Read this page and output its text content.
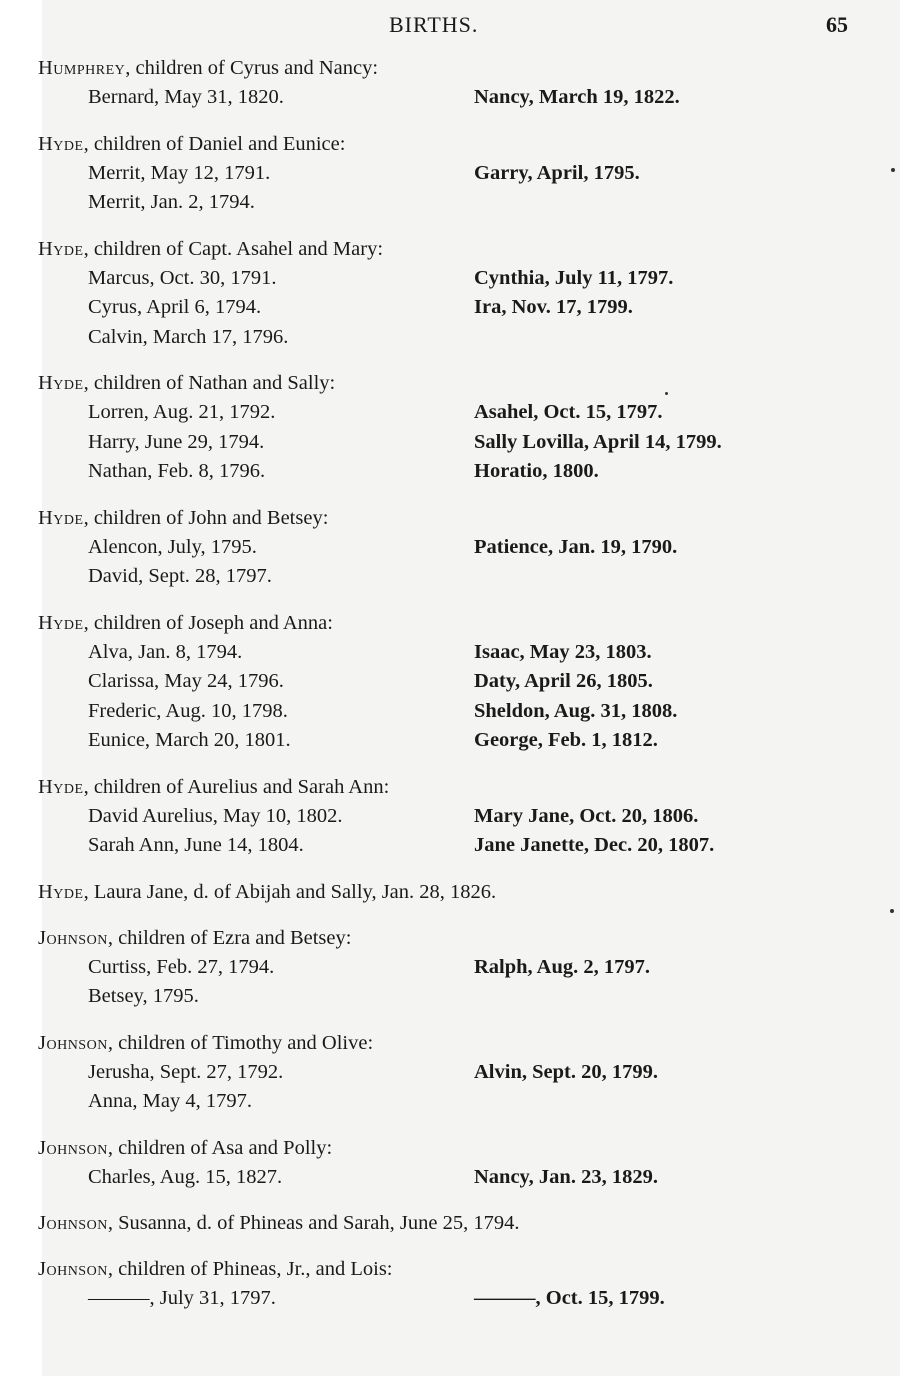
BIRTHS.	65
Humphrey, children of Cyrus and Nancy:
Bernard, May 31, 1820.	Nancy, March 19, 1822.
Hyde, children of Daniel and Eunice:
Merrit, May 12, 1791.	Garry, April, 1795.
Merrit, Jan. 2, 1794.
Hyde, children of Capt. Asahel and Mary:
Marcus, Oct. 30, 1791.	Cynthia, July 11, 1797.
Cyrus, April 6, 1794.	Ira, Nov. 17, 1799.
Calvin, March 17, 1796.
Hyde, children of Nathan and Sally:
Lorren, Aug. 21, 1792.	Asahel, Oct. 15, 1797.
Harry, June 29, 1794.	Sally Lovilla, April 14, 1799.
Nathan, Feb. 8, 1796.	Horatio, 1800.
Hyde, children of John and Betsey:
Alencon, July, 1795.	Patience, Jan. 19, 1790.
David, Sept. 28, 1797.
Hyde, children of Joseph and Anna:
Alva, Jan. 8, 1794.	Isaac, May 23, 1803.
Clarissa, May 24, 1796.	Daty, April 26, 1805.
Frederic, Aug. 10, 1798.	Sheldon, Aug. 31, 1808.
Eunice, March 20, 1801.	George, Feb. 1, 1812.
Hyde, children of Aurelius and Sarah Ann:
David Aurelius, May 10, 1802.	Mary Jane, Oct. 20, 1806.
Sarah Ann, June 14, 1804.	Jane Janette, Dec. 20, 1807.
Hyde, Laura Jane, d. of Abijah and Sally, Jan. 28, 1826.
Johnson, children of Ezra and Betsey:
Curtiss, Feb. 27, 1794.	Ralph, Aug. 2, 1797.
Betsey, 1795.
Johnson, children of Timothy and Olive:
Jerusha, Sept. 27, 1792.	Alvin, Sept. 20, 1799.
Anna, May 4, 1797.
Johnson, children of Asa and Polly:
Charles, Aug. 15, 1827.	Nancy, Jan. 23, 1829.
Johnson, Susanna, d. of Phineas and Sarah, June 25, 1794.
Johnson, children of Phineas, Jr., and Lois:
———, July 31, 1797.	———, Oct. 15, 1799.
